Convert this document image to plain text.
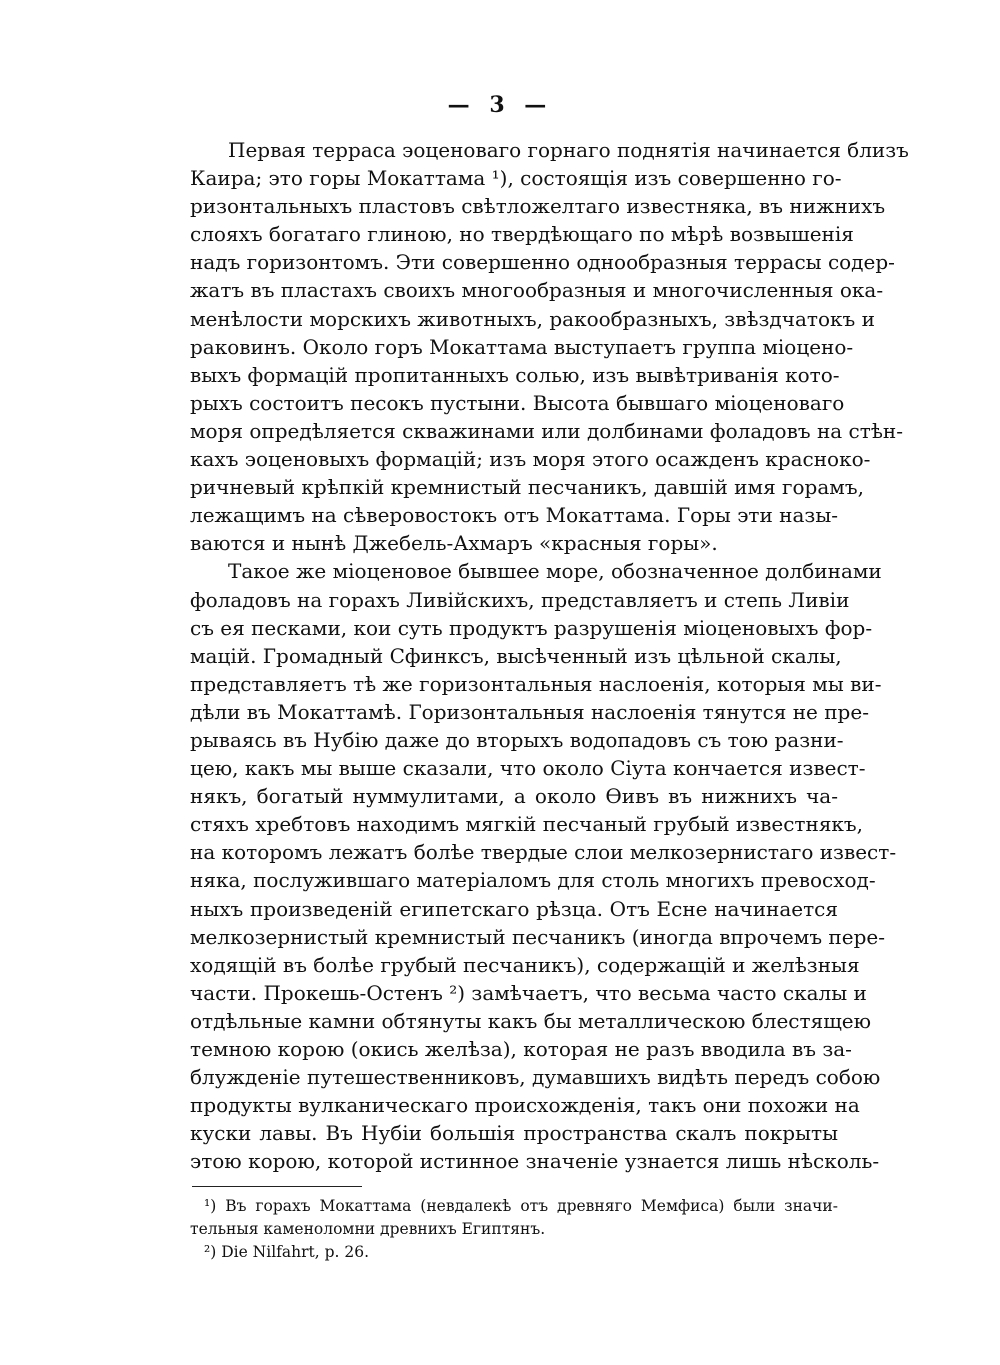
— 3 —
Первая терраса эоценоваго горнаго поднятія начинается близъ
Каира; это горы Мокаттама ¹), состоящія изъ совершенно го-
ризонтальныхъ пластовъ свѣтложелтаго известняка, въ нижнихъ
слояхъ богатаго глиною, но твердѣющаго по мѣрѣ возвышенія
надъ горизонтомъ. Эти совершенно однообразныя террасы содер-
жатъ въ пластахъ своихъ многообразныя и многочисленныя ока-
менѣлости морскихъ животныхъ, ракообразныхъ, звѣздчатокъ и
раковинъ. Около горъ Мокаттама выступаетъ группа міоцено-
выхъ формацій пропитанныхъ солью, изъ вывѣтриванія кото-
рыхъ состоитъ песокъ пустыни. Высота бывшаго міоценоваго
моря опредѣляется скважинами или долбинами фоладовъ на стѣн-
кахъ эоценовыхъ формацій; изъ моря этого осажденъ красноко-
ричневый крѣпкій кремнистый песчаникъ, давшій имя горамъ,
лежащимъ на сѣверовостокъ отъ Мокаттама. Горы эти назы-
ваются и нынѣ Джебель-Ахмаръ «красныя горы».
Такое же міоценовое бывшее море, обозначенное долбинами
фоладовъ на горахъ Ливійскихъ, представляетъ и степь Ливіи
съ ея песками, кои суть продуктъ разрушенія міоценовыхъ фор-
мацій. Громадный Сфинксъ, высѣченный изъ цѣльной скалы,
представляетъ тѣ же горизонтальныя наслоенія, которыя мы ви-
дѣли въ Мокаттамѣ. Горизонтальныя наслоенія тянутся не пре-
рываясь въ Нубію даже до вторыхъ водопадовъ съ тою разни-
цею, какъ мы выше сказали, что около Сіута кончается извест-
някъ, богатый нуммулитами, а около Ѳивъ въ нижнихъ ча-
стяхъ хребтовъ находимъ мягкій песчаный грубый известнякъ,
на которомъ лежатъ болѣе твердые слои мелкозернистаго извест-
няка, послужившаго матеріаломъ для столь многихъ превосход-
ныхъ произведеній египетскаго рѣзца. Отъ Есне начинается
мелкозернистый кремнистый песчаникъ (иногда впрочемъ пере-
ходящій въ болѣе грубый песчаникъ), содержащій и желѣзныя
части. Прокешь-Остенъ ²) замѣчаетъ, что весьма часто скалы и
отдѣльные камни обтянуты какъ бы металлическою блестящею
темною корою (окись желѣза), которая не разъ вводила въ за-
блужденіе путешественниковъ, думавшихъ видѣть передъ собою
продукты вулканическаго происхожденія, такъ они похожи на
куски лавы. Въ Нубіи большія пространства скалъ покрыты
этою корою, которой истинное значеніе узнается лишь нѣсколь-
¹) Въ горахъ Мокаттама (невдалекѣ отъ древняго Мемфиса) были значи-
тельныя каменоломни древнихъ Египтянъ.
²) Die Nilfahrt, p. 26.
